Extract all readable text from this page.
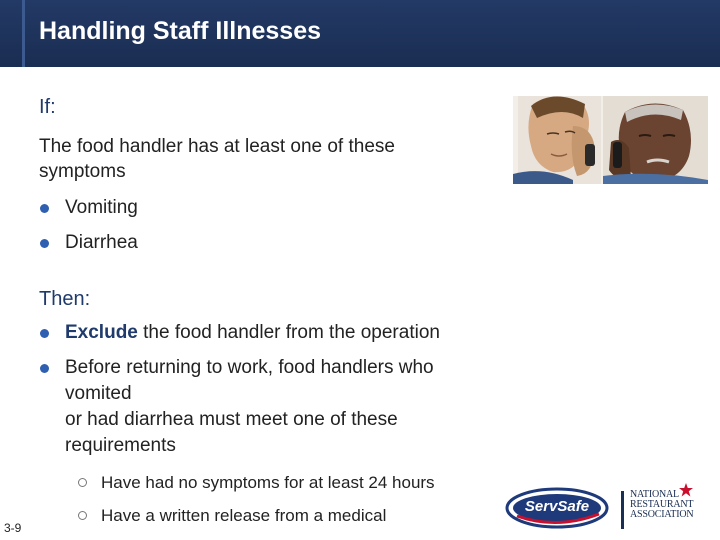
Handling Staff Illnesses
If:
The food handler has at least one of these
symptoms
Vomiting
Diarrhea
Then:
Exclude the food handler from the operation
Before returning to work, food handlers who
vomited
or had diarrhea must meet one of these
requirements
Have had no symptoms for at least 24 hours
Have a written release from a medical
3-9
ServSafe
NATIONAL
RESTAURANT
ASSOCIATION
